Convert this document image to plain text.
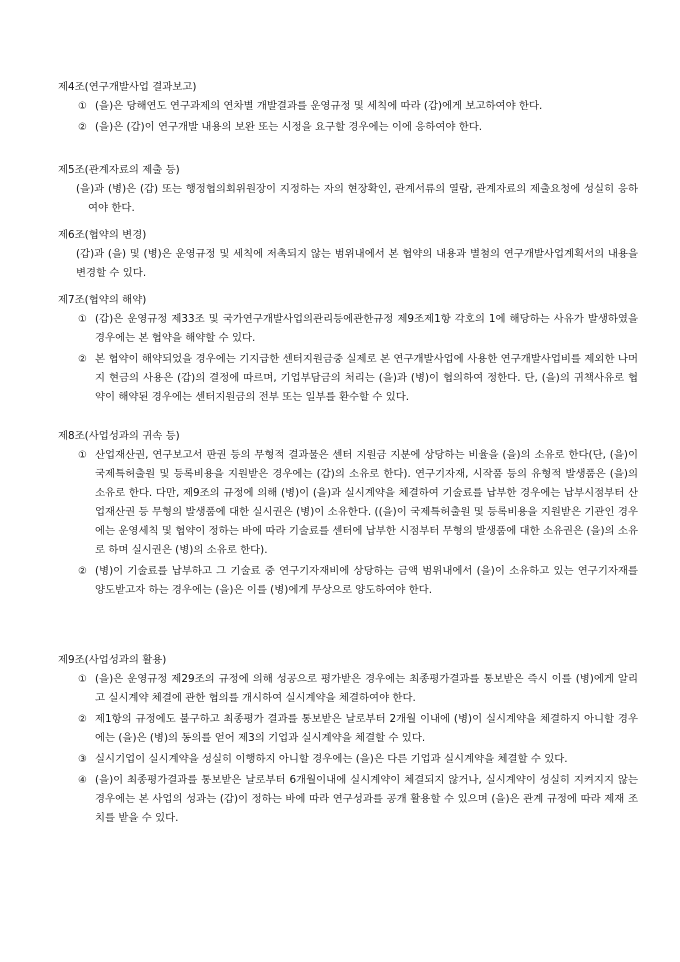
제4조(연구개발사업 결과보고)
① (을)은 당해연도 연구과제의 연차별 개발결과를 운영규정 및 세칙에 따라 (갑)에게 보고하여야 한다.
② (을)은 (갑)이 연구개발 내용의 보완 또는 시정을 요구할 경우에는 이에 응하여야 한다.
제5조(관계자료의 제출 등)
(을)과 (병)은 (갑) 또는 행정협의회위원장이 지정하는 자의 현장확인, 관계서류의 열람, 관계자료의 제출요청에 성실히 응하여야 한다.
제6조(협약의 변경)
(갑)과 (을) 및 (병)은 운영규정 및 세칙에 저촉되지 않는 범위내에서 본 협약의 내용과 별첨의 연구개발사업계획서의 내용을 변경할 수 있다.
제7조(협약의 해약)
① (갑)은 운영규정 제33조 및 국가연구개발사업의관리등에관한규정 제9조제1항 각호의 1에 해당하는 사유가 발생하였을 경우에는 본 협약을 해약할 수 있다.
② 본 협약이 해약되었을 경우에는 기지급한 센터지원금중 실제로 본 연구개발사업에 사용한 연구개발사업비를 제외한 나머지 현금의 사용은 (갑)의 결정에 따르며, 기업부담금의 처리는 (을)과 (병)이 협의하여 정한다. 단, (을)의 귀책사유로 협약이 해약된 경우에는 센터지원금의 전부 또는 일부를 환수할 수 있다.
제8조(사업성과의 귀속 등)
① 산업재산권, 연구보고서 판권 등의 무형적 결과물은 센터 지원금 지분에 상당하는 비율을 (을)의 소유로 한다(단, (을)이 국제특허출원 및 등록비용을 지원받은 경우에는 (갑)의 소유로 한다). 연구기자재, 시작품 등의 유형적 발생품은 (을)의 소유로 한다. 다만, 제9조의 규정에 의해 (병)이 (을)과 실시계약을 체결하여 기술료를 납부한 경우에는 납부시점부터 산업재산권 등 무형의 발생품에 대한 실시권은 (병)이 소유한다. ((을)이 국제특허출원 및 등록비용을 지원받은 기관인 경우에는 운영세칙 및 협약이 정하는 바에 따라 기술료를 센터에 납부한 시점부터 무형의 발생품에 대한 소유권은 (을)의 소유로 하며 실시권은 (병)의 소유로 한다).
② (병)이 기술료를 납부하고 그 기술료 중 연구기자재비에 상당하는 금액 범위내에서 (을)이 소유하고 있는 연구기자재를 양도받고자 하는 경우에는 (을)은 이를 (병)에게 무상으로 양도하여야 한다.
제9조(사업성과의 활용)
① (을)은 운영규정 제29조의 규정에 의해 성공으로 평가받은 경우에는 최종평가결과를 통보받은 즉시 이를 (병)에게 알리고 실시계약 체결에 관한 협의를 개시하여 실시계약을 체결하여야 한다.
② 제1항의 규정에도 불구하고 최종평가 결과를 통보받은 날로부터 2개월 이내에 (병)이 실시계약을 체결하지 아니할 경우에는 (을)은 (병)의 동의를 얻어 제3의 기업과 실시계약을 체결할 수 있다.
③ 실시기업이 실시계약을 성실히 이행하지 아니할 경우에는 (을)은 다른 기업과 실시계약을 체결할 수 있다.
④ (을)이 최종평가결과를 통보받은 날로부터 6개월이내에 실시계약이 체결되지 않거나, 실시계약이 성실히 지켜지지 않는 경우에는 본 사업의 성과는 (갑)이 정하는 바에 따라 연구성과를 공개 활용할 수 있으며 (을)은 관계 규정에 따라 제재 조치를 받을 수 있다.
